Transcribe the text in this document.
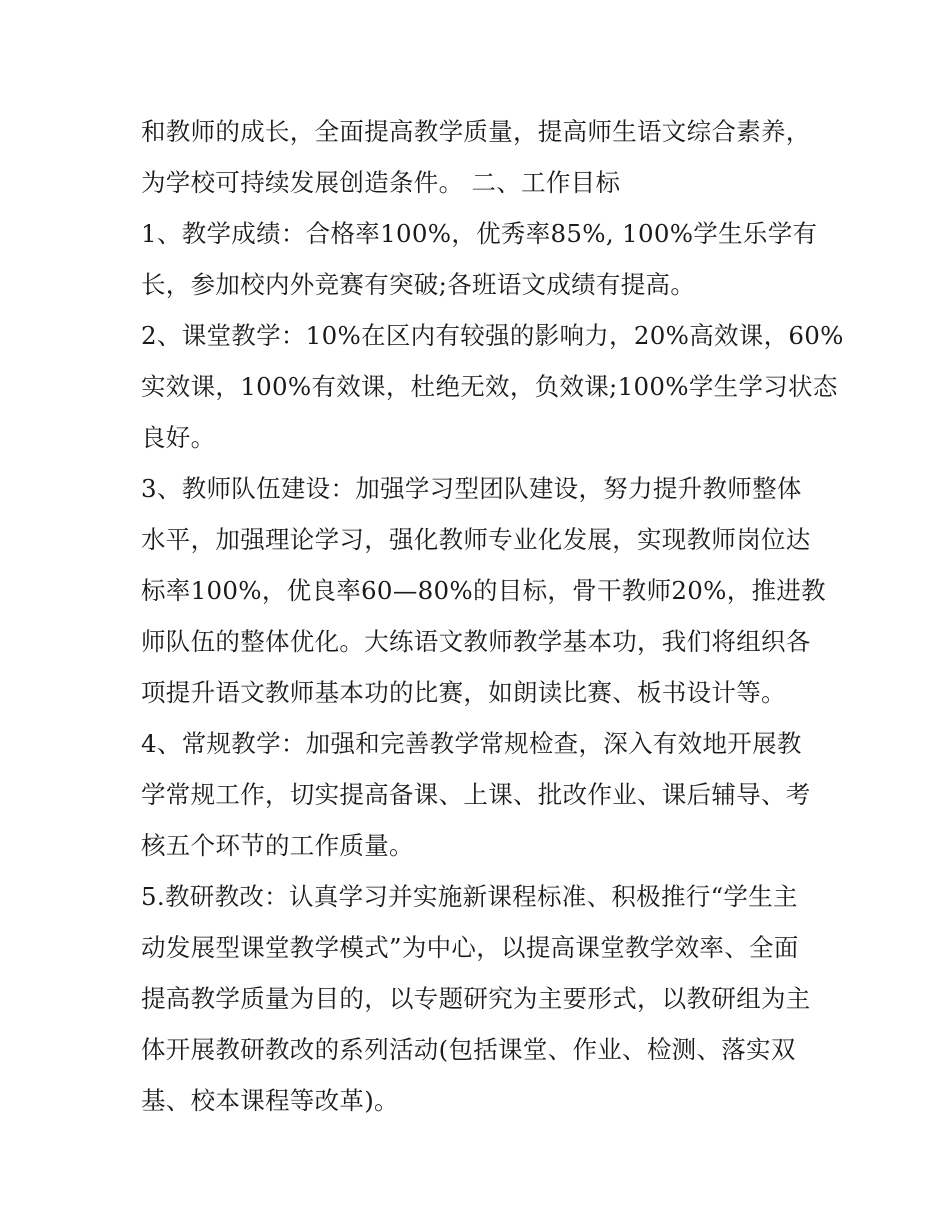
和教师的成长，全面提高教学质量，提高师生语文综合素养，
为学校可持续发展创造条件。 二、工作目标
1、教学成绩：合格率100%，优秀率85%, 100%学生乐学有
长，参加校内外竞赛有突破;各班语文成绩有提高。
2、课堂教学：10%在区内有较强的影响力，20%高效课，60%
实效课，100%有效课，杜绝无效，负效课;100%学生学习状态
良好。
3、教师队伍建设：加强学习型团队建设，努力提升教师整体
水平，加强理论学习，强化教师专业化发展，实现教师岗位达
标率100%，优良率60—80%的目标，骨干教师20%，推进教
师队伍的整体优化。大练语文教师教学基本功，我们将组织各
项提升语文教师基本功的比赛，如朗读比赛、板书设计等。
4、常规教学：加强和完善教学常规检查，深入有效地开展教
学常规工作，切实提高备课、上课、批改作业、课后辅导、考
核五个环节的工作质量。
5.教研教改：认真学习并实施新课程标准、积极推行“学生主
动发展型课堂教学模式”为中心，以提高课堂教学效率、全面
提高教学质量为目的，以专题研究为主要形式，以教研组为主
体开展教研教改的系列活动(包括课堂、作业、检测、落实双
基、校本课程等改革)。
